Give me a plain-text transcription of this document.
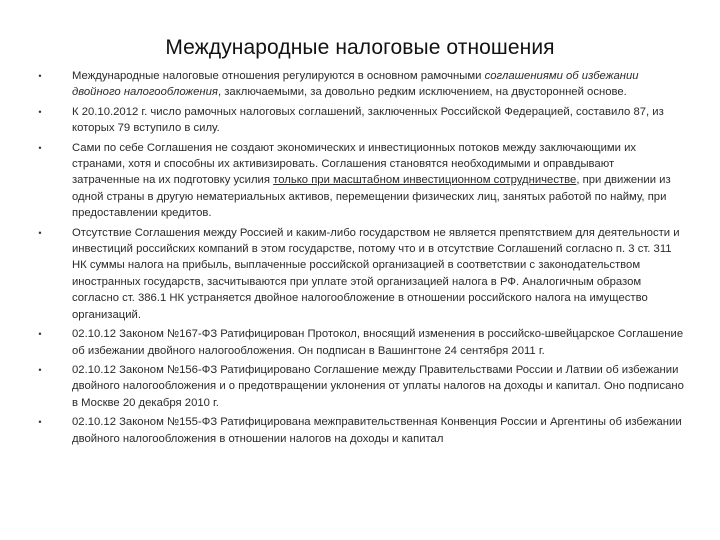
Международные налоговые отношения
•	Международные налоговые отношения регулируются в основном рамочными соглашениями об избежании двойного налогообложения, заключаемыми, за довольно редким исключением, на двусторонней основе.
•	К 20.10.2012 г. число рамочных налоговых соглашений, заключенных Российской Федерацией, составило 87, из которых 79 вступило в силу.
•	Сами по себе Соглашения не создают экономических и инвестиционных потоков между заключающими их странами, хотя и способны их активизировать. Соглашения становятся необходимыми и оправдывают затраченные на их подготовку усилия только при масштабном инвестиционном сотрудничестве, при движении из одной страны в другую нематериальных активов, перемещении физических лиц, занятых работой по найму, при предоставлении кредитов.
•	Отсутствие Соглашения между Россией и каким-либо государством не является препятствием для деятельности и инвестиций российских компаний в этом государстве, потому что и в отсутствие Соглашений согласно п. 3 ст. 311 НК суммы налога на прибыль, выплаченные российской организацией в соответствии с законодательством иностранных государств, засчитываются при уплате этой организацией налога в РФ. Аналогичным образом согласно ст. 386.1 НК устраняется двойное налогообложение в отношении российского налога на имущество организаций.
•	02.10.12 Законом №167-ФЗ Ратифицирован Протокол, вносящий изменения в российско-швейцарское Соглашение об избежании двойного налогообложения. Он подписан в Вашингтоне 24 сентября 2011 г.
•	02.10.12 Законом №156-ФЗ Ратифицировано Соглашение между Правительствами России и Латвии об избежании двойного налогообложения и о предотвращении уклонения от уплаты налогов на доходы и капитал. Оно подписано в Москве 20 декабря 2010 г.
•	02.10.12 Законом №155-ФЗ Ратифицирована межправительственная Конвенция России и Аргентины об избежании двойного налогообложения в отношении налогов на доходы и капитал
